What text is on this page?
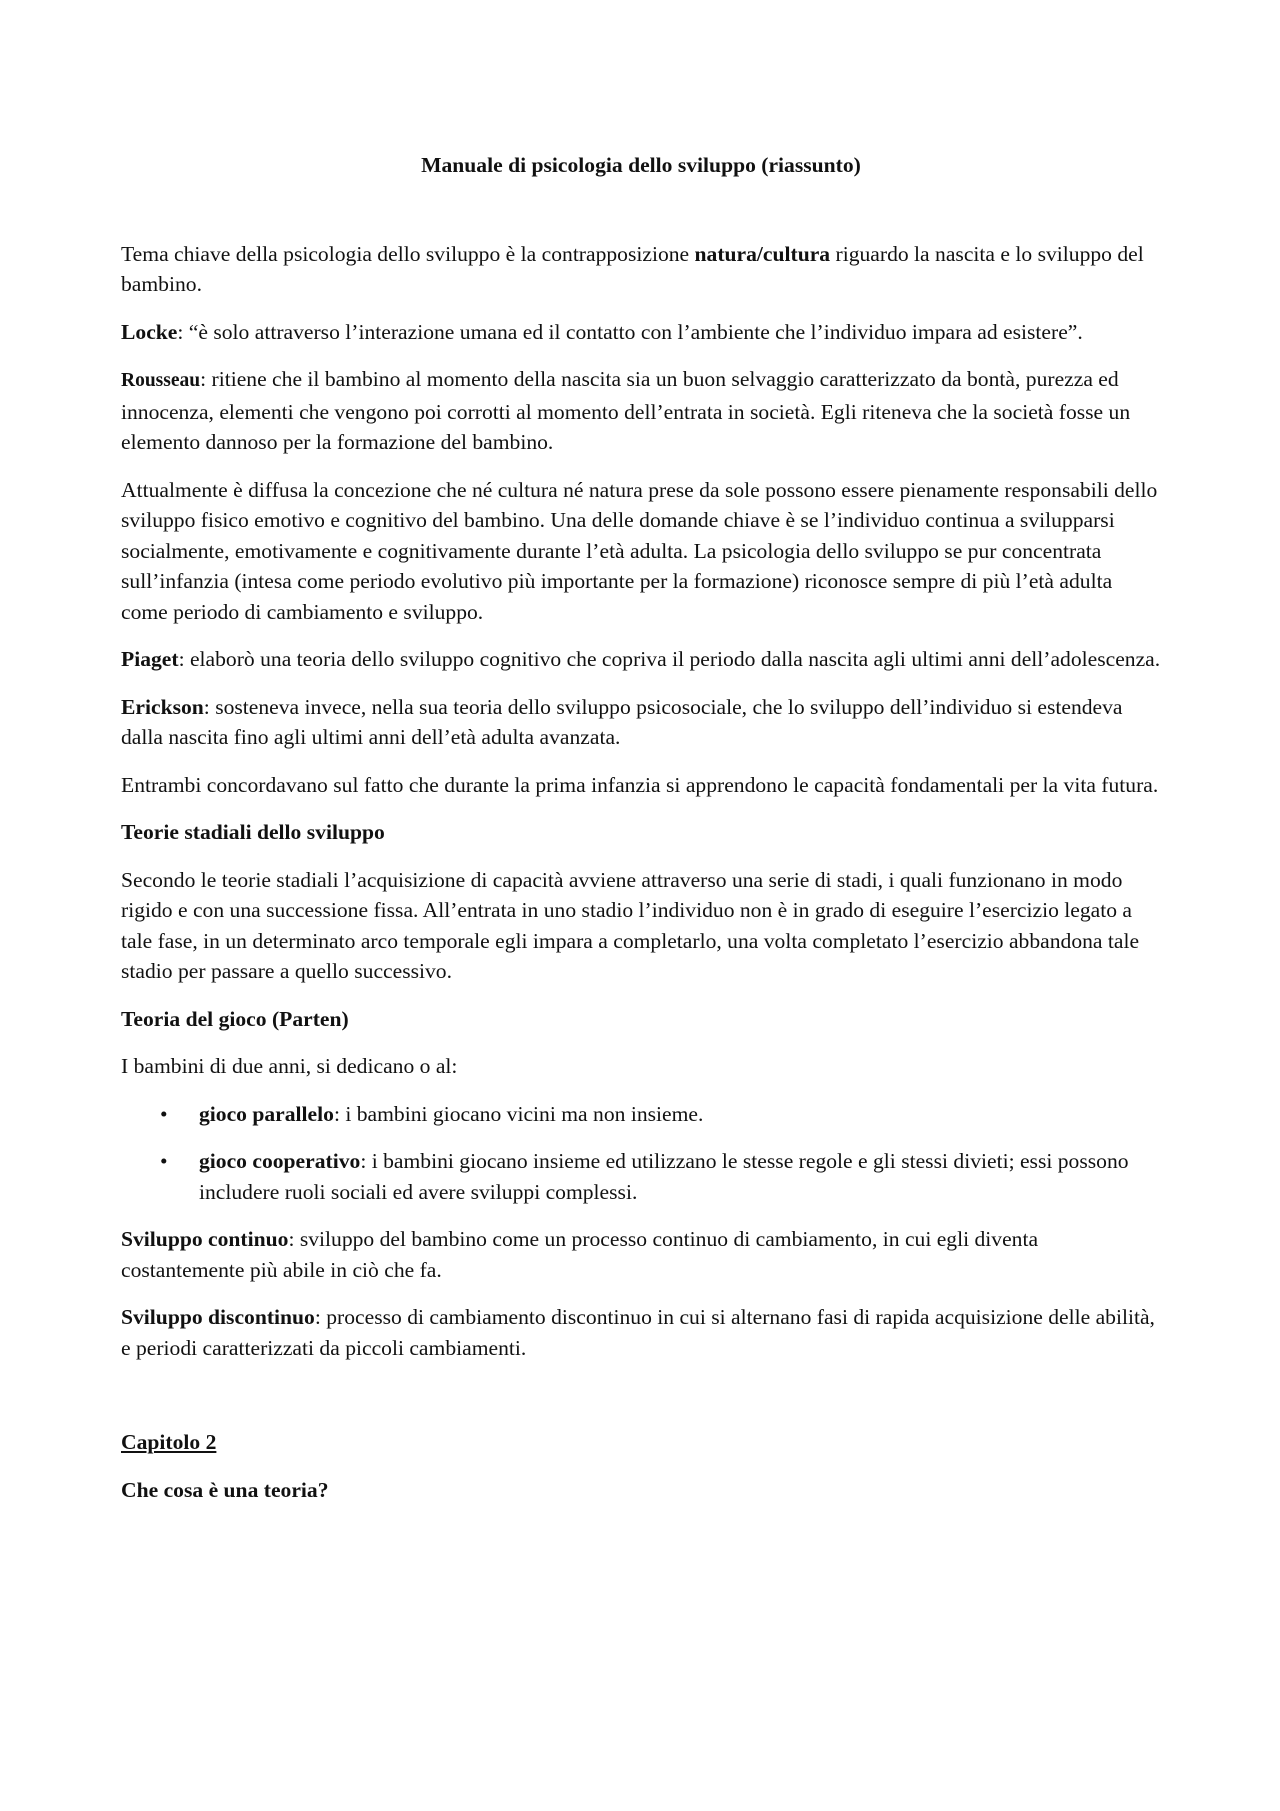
Manuale di psicologia dello sviluppo (riassunto)

Tema chiave della psicologia dello sviluppo è la contrapposizione natura/cultura riguardo la nascita e lo sviluppo del bambino.

Locke: “è solo attraverso l’interazione umana ed il contatto con l’ambiente che l’individuo impara ad esistere”.

Rousseau: ritiene che il bambino al momento della nascita sia un buon selvaggio caratterizzato da bontà, purezza ed innocenza, elementi che vengono poi corrotti al momento dell’entrata in società. Egli riteneva che la società fosse un elemento dannoso per la formazione del bambino.

Attualmente è diffusa la concezione che né cultura né natura prese da sole possono essere pienamente responsabili dello sviluppo fisico emotivo e cognitivo del bambino. Una delle domande chiave è se l’individuo continua a svilupparsi socialmente, emotivamente e cognitivamente durante l’età adulta. La psicologia dello sviluppo se pur concentrata sull’infanzia (intesa come periodo evolutivo più importante per la formazione) riconosce sempre di più l’età adulta come periodo di cambiamento e sviluppo.

Piaget: elaborò una teoria dello sviluppo cognitivo che copriva il periodo dalla nascita agli ultimi anni dell’adolescenza.

Erickson: sosteneva invece, nella sua teoria dello sviluppo psicosociale, che lo sviluppo dell’individuo si estendeva dalla nascita fino agli ultimi anni dell’età adulta avanzata.

Entrambi concordavano sul fatto che durante la prima infanzia si apprendono le capacità fondamentali per la vita futura.

Teorie stadiali dello sviluppo

Secondo le teorie stadiali l’acquisizione di capacità avviene attraverso una serie di stadi, i quali funzionano in modo rigido e con una successione fissa. All’entrata in uno stadio l’individuo non è in grado di eseguire l’esercizio legato a tale fase, in un determinato arco temporale egli impara a completarlo, una volta completato l’esercizio abbandona tale stadio per passare a quello successivo.

Teoria del gioco (Parten)

I bambini di due anni, si dedicano o al:

• gioco parallelo: i bambini giocano vicini ma non insieme.
• gioco cooperativo: i bambini giocano insieme ed utilizzano le stesse regole e gli stessi divieti; essi possono includere ruoli sociali ed avere sviluppi complessi.

Sviluppo continuo: sviluppo del bambino come un processo continuo di cambiamento, in cui egli diventa costantemente più abile in ciò che fa.

Sviluppo discontinuo: processo di cambiamento discontinuo in cui si alternano fasi di rapida acquisizione delle abilità, e periodi caratterizzati da piccoli cambiamenti.

Capitolo 2
Che cosa è una teoria?
